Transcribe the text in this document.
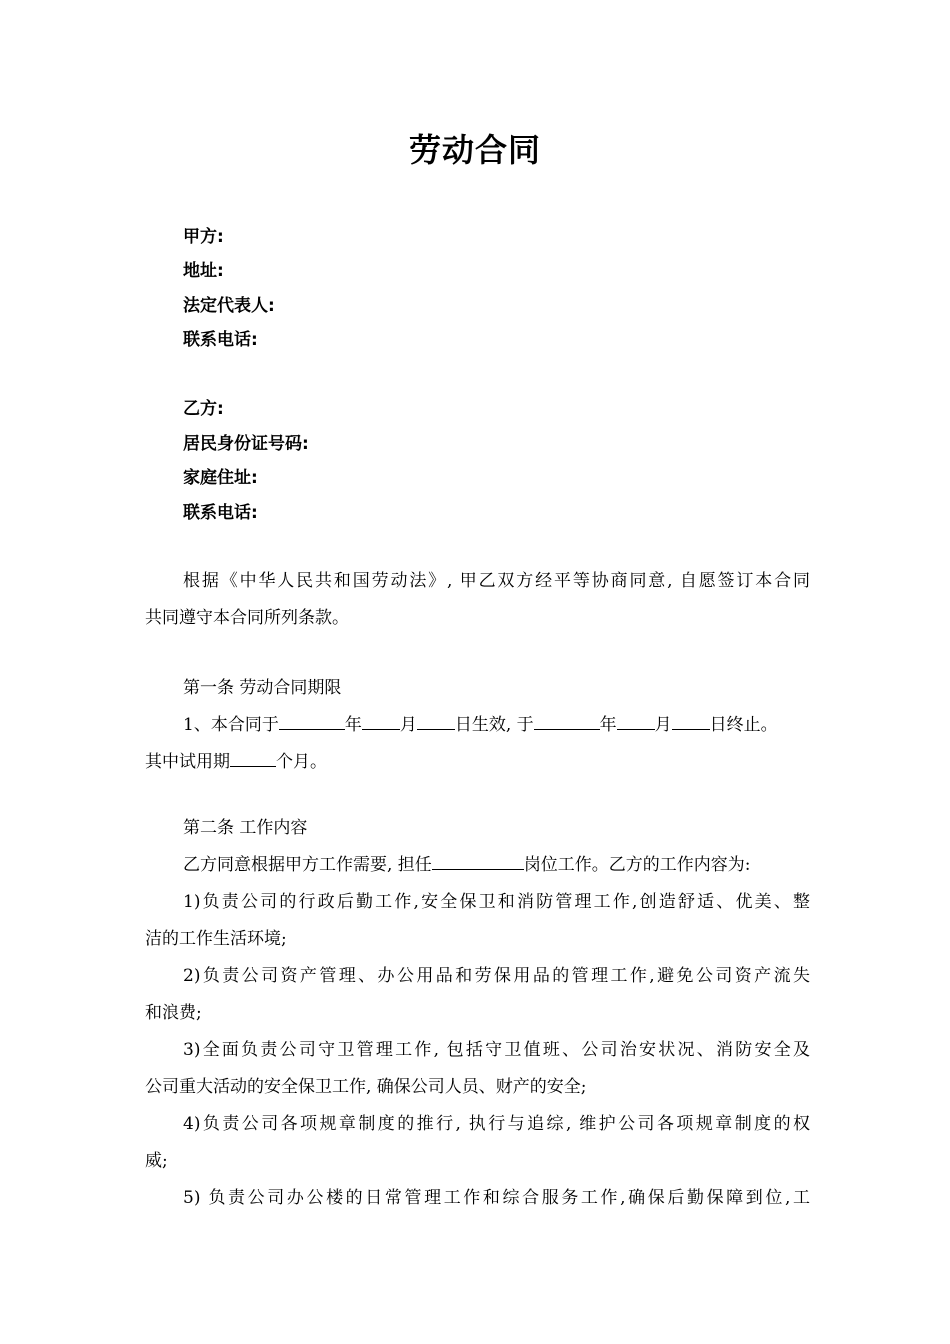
劳动合同
甲方:
地址:
法定代表人:
联系电话:
乙方:
居民身份证号码:
家庭住址:
联系电话:
根据《中华人民共和国劳动法》, 甲乙双方经平等协商同意, 自愿签订本合同
共同遵守本合同所列条款。
第一条 劳动合同期限
1、本合同于	年 月 日生效, 于	年 月 日终止。
其中试用期	个月。
第二条 工作内容
乙方同意根据甲方工作需要, 担任	岗位工作。乙方的工作内容为:
1)负责公司的行政后勤工作,安全保卫和消防管理工作,创造舒适、优美、整
洁的工作生活环境;
2)负责公司资产管理、办公用品和劳保用品的管理工作,避免公司资产流失
和浪费;
3)全面负责公司守卫管理工作, 包括守卫值班、公司治安状况、消防安全及
公司重大活动的安全保卫工作, 确保公司人员、财产的安全;
4)负责公司各项规章制度的推行, 执行与追综, 维护公司各项规章制度的权
威;
5) 负责公司办公楼的日常管理工作和综合服务工作,确保后勤保障到位,工
